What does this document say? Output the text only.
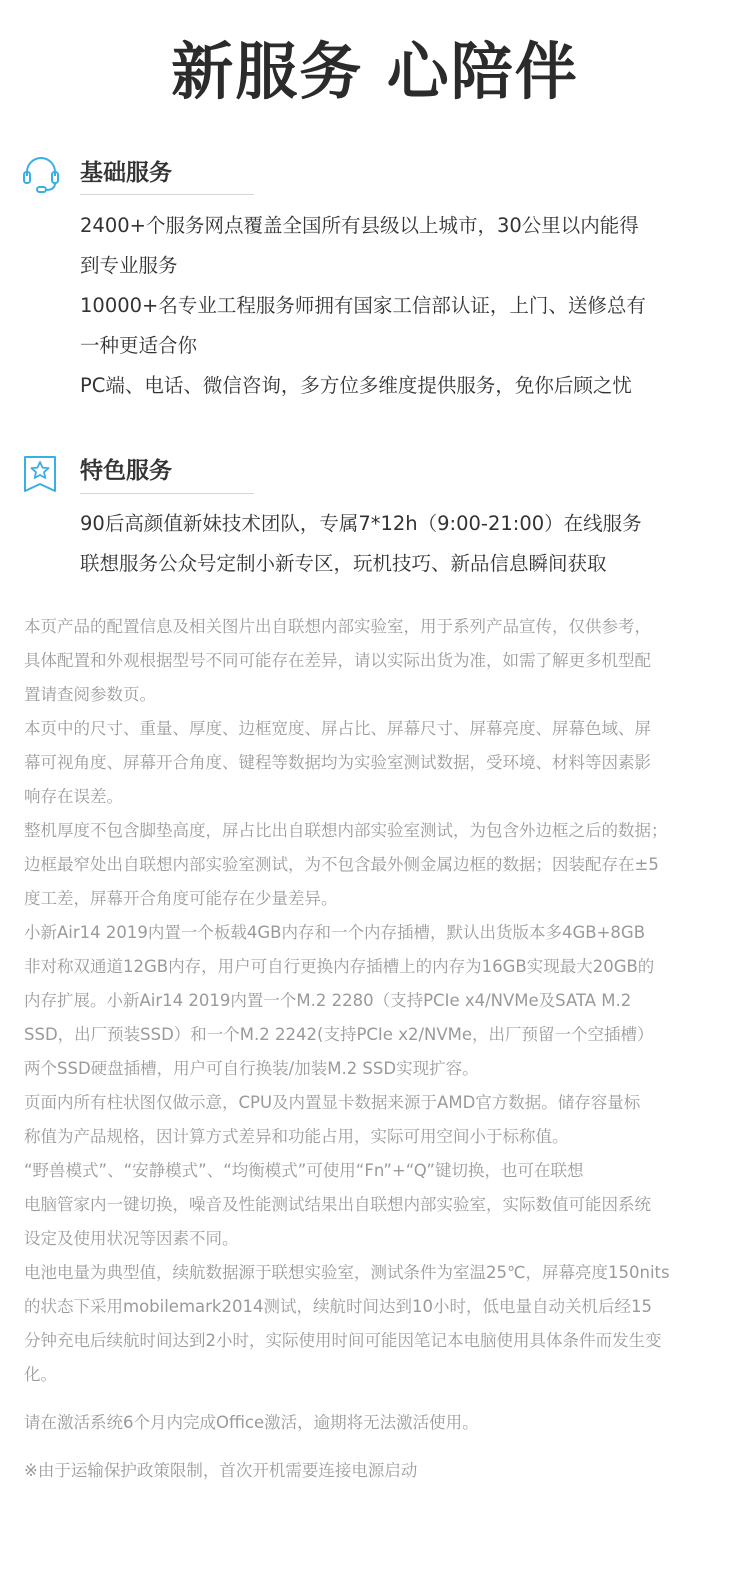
新服务 心陪伴
基础服务
2400+个服务网点覆盖全国所有县级以上城市，30公里以内能得
到专业服务
10000+名专业工程服务师拥有国家工信部认证，上门、送修总有
一种更适合你
PC端、电话、微信咨询，多方位多维度提供服务，免你后顾之忧
特色服务
90后高颜值新妹技术团队，专属7*12h（9:00-21:00）在线服务
联想服务公众号定制小新专区，玩机技巧、新品信息瞬间获取
本页产品的配置信息及相关图片出自联想内部实验室，用于系列产品宣传，仅供参考，
具体配置和外观根据型号不同可能存在差异，请以实际出货为准，如需了解更多机型配
置请查阅参数页。
本页中的尺寸、重量、厚度、边框宽度、屏占比、屏幕尺寸、屏幕亮度、屏幕色域、屏
幕可视角度、屏幕开合角度、键程等数据均为实验室测试数据，受环境、材料等因素影
响存在误差。
整机厚度不包含脚垫高度，屏占比出自联想内部实验室测试，为包含外边框之后的数据；
边框最窄处出自联想内部实验室测试，为不包含最外侧金属边框的数据；因装配存在±5
度工差，屏幕开合角度可能存在少量差异。
小新Air14 2019内置一个板载4GB内存和一个内存插槽，默认出货版本多4GB+8GB
非对称双通道12GB内存，用户可自行更换内存插槽上的内存为16GB实现最大20GB的
内存扩展。小新Air14 2019内置一个M.2 2280（支持PCIe x4/NVMe及SATA M.2
SSD，出厂预装SSD）和一个M.2 2242(支持PCIe x2/NVMe，出厂预留一个空插槽）
两个SSD硬盘插槽，用户可自行换装/加装M.2 SSD实现扩容。
页面内所有柱状图仅做示意，CPU及内置显卡数据来源于AMD官方数据。储存容量标
称值为产品规格，因计算方式差异和功能占用，实际可用空间小于标称值。
“野兽模式”、“安静模式”、“均衡模式”可使用“Fn”+“Q”键切换，也可在联想
电脑管家内一键切换，噪音及性能测试结果出自联想内部实验室，实际数值可能因系统
设定及使用状况等因素不同。
电池电量为典型值，续航数据源于联想实验室，测试条件为室温25℃，屏幕亮度150nits
的状态下采用mobilemark2014测试，续航时间达到10小时，低电量自动关机后经15
分钟充电后续航时间达到2小时，实际使用时间可能因笔记本电脑使用具体条件而发生变
化。
请在激活系统6个月内完成Office激活，逾期将无法激活使用。
※由于运输保护政策限制，首次开机需要连接电源启动
